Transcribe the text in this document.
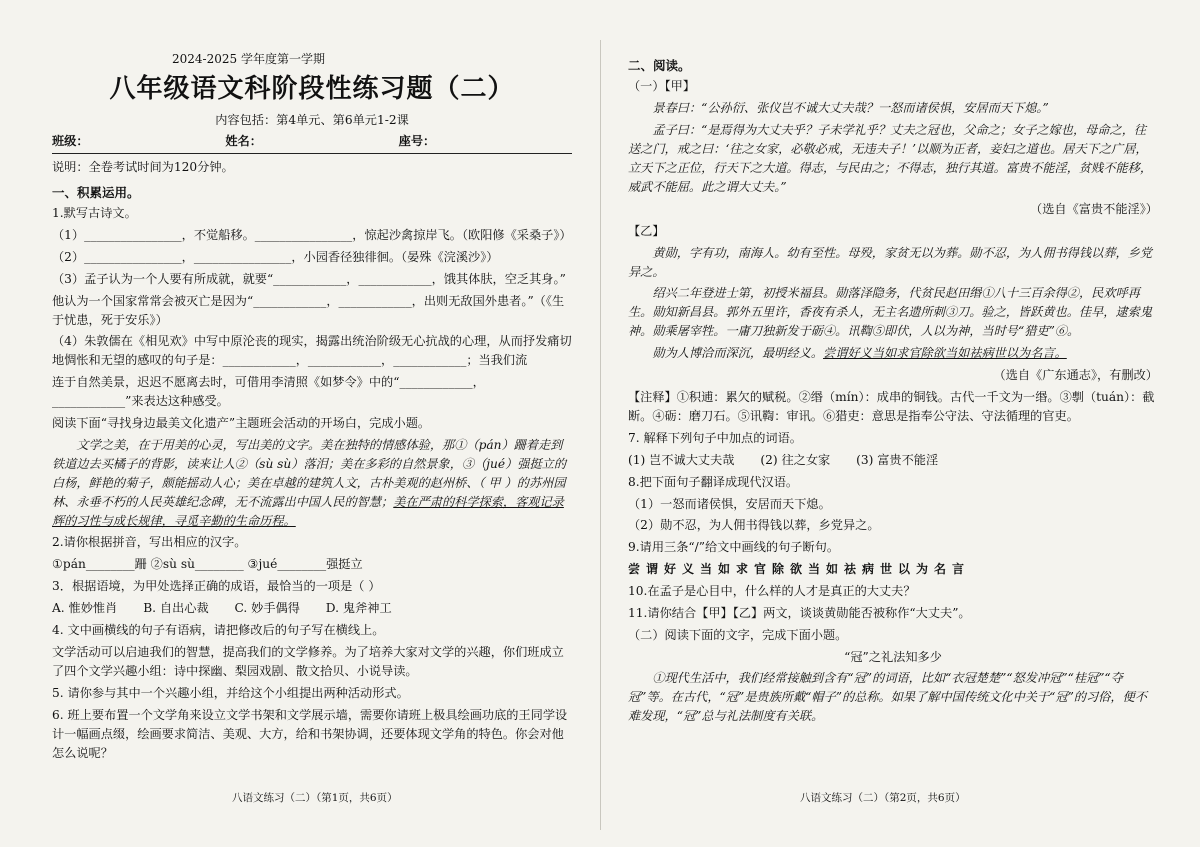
2024-2025 学年度第一学期
八年级语文科阶段性练习题（二）
内容包括：第4单元、第6单元1-2课
班级：	姓名：	座号：

说明：全卷考试时间为120分钟。

一、积累运用。

1.默写古诗文。

（1）________________，不觉船移。________________，惊起沙禽掠岸飞。（欧阳修《采桑子》）

（2）________________，________________，小园香径独徘徊。（晏殊《浣溪沙》）

（3）孟子认为一个人要有所成就，就要“____________，____________，饿其体肤，空乏其身。”

他认为一个国家常常会被灭亡是因为“____________，____________，出则无敌国外患者。”（《生于忧患，死于安乐》）

（4）朱敦儒在《相见欢》中写中原沦丧的现实，揭露出统治阶级无心抗战的心理，从而抒发痛切地惆怅和无望的感叹的句子是：____________，____________，____________；当我们流

连于自然美景，迟迟不愿离去时，可借用李清照《如梦令》中的“____________，____________”来表达这种感受。

阅读下面“寻找身边最美文化遗产”主题班会活动的开场白，完成小题。

文学之美，在于用美的心灵，写出美的文字。美在独特的情感体验，那①（pán）跚着走到铁道边去买橘子的背影，读来让人②（sù sù）落泪；美在多彩的自然景象，③（jué）强挺立的白杨，鲜艳的菊子，颇能摇动人心；美在卓越的建筑人文，古朴美观的赵州桥、（ 甲 ）的苏州园林、永垂不朽的人民英雄纪念碑，无不流露出中国人民的智慧；美在严肃的科学探索，客观记录辉的习性与成长规律，寻觅辛勤的生命历程。

2.请你根据拼音，写出相应的汉字。

①pán________跚 ②sù sù________ ③jué________强挺立

3．根据语境，为甲处选择正确的成语，最恰当的一项是（ ）

A. 惟妙惟肖 B. 自出心裁 C. 妙手偶得 D. 鬼斧神工

4. 文中画横线的句子有语病，请把修改后的句子写在横线上。

文学活动可以启迪我们的智慧，提高我们的文学修养。为了培养大家对文学的兴趣，你们班成立了四个文学兴趣小组：诗中探幽、梨园戏剧、散文拾贝、小说导读。

5. 请你参与其中一个兴趣小组，并给这个小组提出两种活动形式。

6. 班上要布置一个文学角来设立文学书架和文学展示墙，需要你请班上极具绘画功底的王同学设计一幅画点缀，绘画要求简洁、美观、大方，给和书架协调，还要体现文学角的特色。你会对他怎么说呢？

二、阅读。

（一）【甲】

景春曰：“公孙衍、张仪岂不诚大丈夫哉？一怒而诸侯惧，安居而天下熄。”

孟子曰：“是焉得为大丈夫乎？子未学礼乎？丈夫之冠也，父命之；女子之嫁也，母命之，往送之门，戒之曰：‘往之女家，必敬必戒，无违夫子！’以顺为正者，妾妇之道也。居天下之广居，立天下之正位，行天下之大道。得志，与民由之；不得志，独行其道。富贵不能淫，贫贱不能移，威武不能屈。此之谓大丈夫。”

（选自《富贵不能淫》）

【乙】

黄勋，字有功，南海人。幼有至性。母殁，家贫无以为葬。勋不忍，为人佣书得钱以葬，乡党异之。

绍兴二年登进士第，初授米福县。勋落泽隐务，代贫民赵田缗①八十三百余得②，民欢呼再生。勋知新昌县。郭外五里许，香夜有杀人，无主名遗所刺③刀。验之，皆跃黄也。佳早，逮索鬼神。勋乘屠宰牲。一庸刀独新发于砺④。讯鞫⑤即伏，人以为神，当时号“猎吏”⑥。

勋为人博洽而深沉，最明经义。尝谓好义当如求官除欲当如祛病世以为名言。

（选自《广东通志》，有删改）

【注释】①积逋：累欠的赋税。②缗（mín）：成串的铜钱。古代一千文为一缗。③剸（tuán）：截断。④砺：磨刀石。⑤讯鞫：审讯。⑥猎吏：意思是指奉公守法、守法循理的官吏。

7. 解释下列句子中加点的词语。

(1) 岂不诚大丈夫哉 (2) 往之女家 (3) 富贵不能淫

8.把下面句子翻译成现代汉语。

（1）一怒而诸侯惧，安居而天下熄。

（2）勋不忍，为人佣书得钱以葬，乡党异之。

9.请用三条“/”给文中画线的句子断句。

尝谓好义当如求官除欲当如祛病世以为名言

10.在孟子是心目中，什么样的人才是真正的大丈夫？

11.请你结合【甲】【乙】两文，谈谈黄勋能否被称作“大丈夫”。

（二）阅读下面的文字，完成下面小题。

“冠”之礼法知多少

①现代生活中，我们经常接触到含有“冠”的词语，比如“衣冠楚楚”“怒发冲冠”“桂冠”“夺冠”等。在古代，“冠”是贵族所戴“帽子”的总称。如果了解中国传统文化中关于“冠”的习俗，便不难发现，“冠”总与礼法制度有关联。

八语文练习（二）（第1页，共6页）	八语文练习（二）（第2页，共6页）
